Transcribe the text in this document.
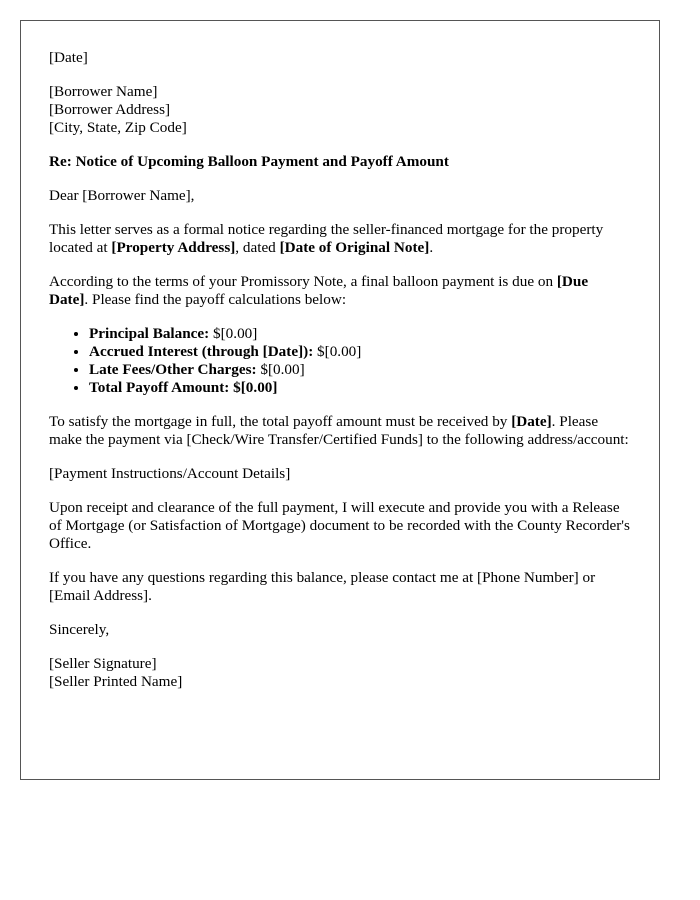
[Date]

[Borrower Name]
[Borrower Address]
[City, State, Zip Code]

Re: Notice of Upcoming Balloon Payment and Payoff Amount

Dear [Borrower Name],

This letter serves as a formal notice regarding the seller-financed mortgage for the property located at [Property Address], dated [Date of Original Note].

According to the terms of your Promissory Note, a final balloon payment is due on [Due Date]. Please find the payoff calculations below:

• Principal Balance: $[0.00]
• Accrued Interest (through [Date]): $[0.00]
• Late Fees/Other Charges: $[0.00]
• Total Payoff Amount: $[0.00]

To satisfy the mortgage in full, the total payoff amount must be received by [Date]. Please make the payment via [Check/Wire Transfer/Certified Funds] to the following address/account:

[Payment Instructions/Account Details]

Upon receipt and clearance of the full payment, I will execute and provide you with a Release of Mortgage (or Satisfaction of Mortgage) document to be recorded with the County Recorder's Office.

If you have any questions regarding this balance, please contact me at [Phone Number] or [Email Address].

Sincerely,

[Seller Signature]
[Seller Printed Name]
